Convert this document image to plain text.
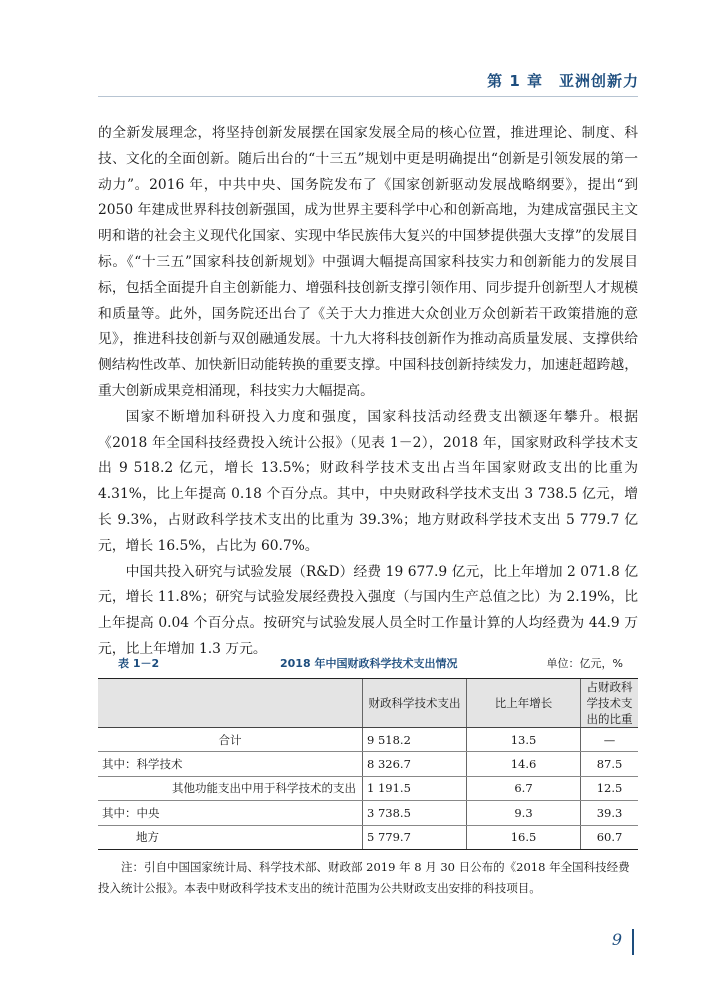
第 1 章　亚洲创新力

的全新发展理念，将坚持创新发展摆在国家发展全局的核心位置，推进理论、制度、科技、文化的全面创新。随后出台的“十三五”规划中更是明确提出“创新是引领发展的第一动力”。2016 年，中共中央、国务院发布了《国家创新驱动发展战略纲要》，提出“到 2050 年建成世界科技创新强国，成为世界主要科学中心和创新高地，为建成富强民主文明和谐的社会主义现代化国家、实现中华民族伟大复兴的中国梦提供强大支撑”的发展目标。《“十三五”国家科技创新规划》中强调大幅提高国家科技实力和创新能力的发展目标，包括全面提升自主创新能力、增强科技创新支撑引领作用、同步提升创新型人才规模和质量等。此外，国务院还出台了《关于大力推进大众创业万众创新若干政策措施的意见》，推进科技创新与双创融通发展。十九大将科技创新作为推动高质量发展、支撑供给侧结构性改革、加快新旧动能转换的重要支撑。中国科技创新持续发力，加速赶超跨越，重大创新成果竞相涌现，科技实力大幅提高。

国家不断增加科研投入力度和强度，国家科技活动经费支出额逐年攀升。根据《2018 年全国科技经费投入统计公报》（见表 1－2），2018 年，国家财政科学技术支出 9 518.2 亿元，增长 13.5%；财政科学技术支出占当年国家财政支出的比重为 4.31%，比上年提高 0.18 个百分点。其中，中央财政科学技术支出 3 738.5 亿元，增长 9.3%，占财政科学技术支出的比重为 39.3%；地方财政科学技术支出 5 779.7 亿元，增长 16.5%，占比为 60.7%。

中国共投入研究与试验发展（R&D）经费 19 677.9 亿元，比上年增加 2 071.8 亿元，增长 11.8%；研究与试验发展经费投入强度（与国内生产总值之比）为 2.19%，比上年提高 0.04 个百分点。按研究与试验发展人员全时工作量计算的人均经费为 44.9 万元，比上年增加 1.3 万元。

表 1－2	2018 年中国财政科学技术支出情况	单位：亿元，%
	财政科学技术支出	比上年增长	占财政科学技术支出的比重
合计	9 518.2	13.5	—
其中：科学技术	8 326.7	14.6	87.5
其他功能支出中用于科学技术的支出	1 191.5	6.7	12.5
其中：中央	3 738.5	9.3	39.3
地方	5 779.7	16.5	60.7
注：引自中国国家统计局、科学技术部、财政部 2019 年 8 月 30 日公布的《2018 年全国科技经费投入统计公报》。本表中财政科学技术支出的统计范围为公共财政支出安排的科技项目。
9
